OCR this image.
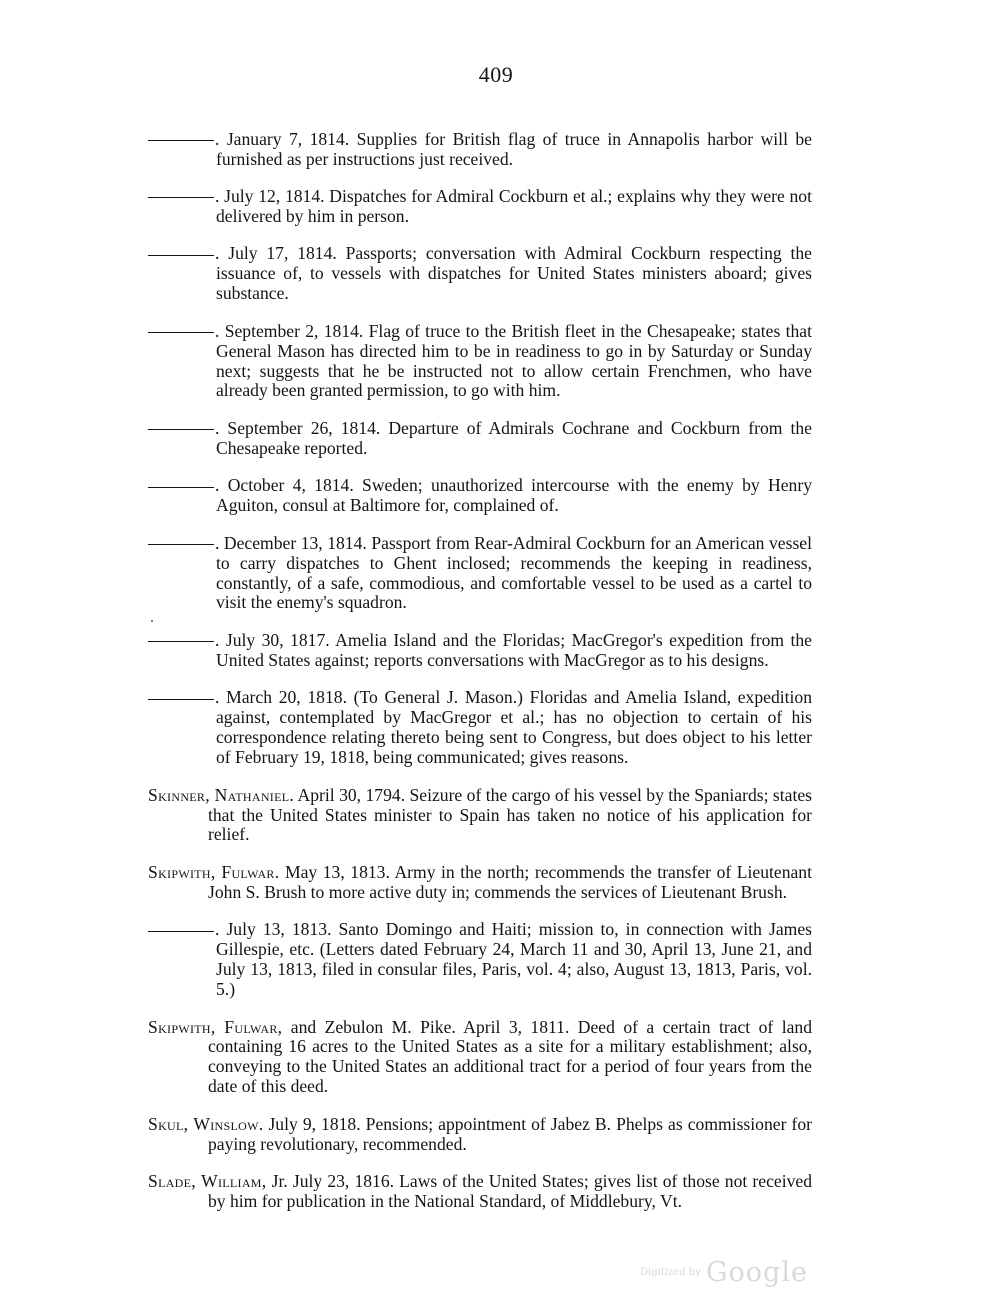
409

. January 7, 1814. Supplies for British flag of truce in Annapolis harbor will be furnished as per instructions just received.

. July 12, 1814. Dispatches for Admiral Cockburn et al.; explains why they were not delivered by him in person.

. July 17, 1814. Passports; conversation with Admiral Cockburn respecting the issuance of, to vessels with dispatches for United States ministers aboard; gives substance.

. September 2, 1814. Flag of truce to the British fleet in the Chesapeake; states that General Mason has directed him to be in readiness to go in by Saturday or Sunday next; suggests that he be instructed not to allow certain Frenchmen, who have already been granted permission, to go with him.

. September 26, 1814. Departure of Admirals Cochrane and Cockburn from the Chesapeake reported.

. October 4, 1814. Sweden; unauthorized intercourse with the enemy by Henry Aguiton, consul at Baltimore for, complained of.

. December 13, 1814. Passport from Rear-Admiral Cockburn for an American vessel to carry dispatches to Ghent inclosed; recommends the keeping in readiness, constantly, of a safe, commodious, and comfortable vessel to be used as a cartel to visit the enemy's squadron.

. July 30, 1817. Amelia Island and the Floridas; MacGregor's expedition from the United States against; reports conversations with MacGregor as to his designs.

. March 20, 1818. (To General J. Mason.) Floridas and Amelia Island, expedition against, contemplated by MacGregor et al.; has no objection to certain of his correspondence relating thereto being sent to Congress, but does object to his letter of February 19, 1818, being communicated; gives reasons.

Skinner, Nathaniel. April 30, 1794. Seizure of the cargo of his vessel by the Spaniards; states that the United States minister to Spain has taken no notice of his application for relief.

Skipwith, Fulwar. May 13, 1813. Army in the north; recommends the transfer of Lieutenant John S. Brush to more active duty in; commends the services of Lieutenant Brush.

. July 13, 1813. Santo Domingo and Haiti; mission to, in connection with James Gillespie, etc. (Letters dated February 24, March 11 and 30, April 13, June 21, and July 13, 1813, filed in consular files, Paris, vol. 4; also, August 13, 1813, Paris, vol. 5.)

Skipwith, Fulwar, and Zebulon M. Pike. April 3, 1811. Deed of a certain tract of land containing 16 acres to the United States as a site for a military establishment; also, conveying to the United States an additional tract for a period of four years from the date of this deed.

Skul, Winslow. July 9, 1818. Pensions; appointment of Jabez B. Phelps as commissioner for paying revolutionary, recommended.

Slade, William, Jr. July 23, 1816. Laws of the United States; gives list of those not received by him for publication in the National Standard, of Middlebury, Vt.

Digitized by Google
